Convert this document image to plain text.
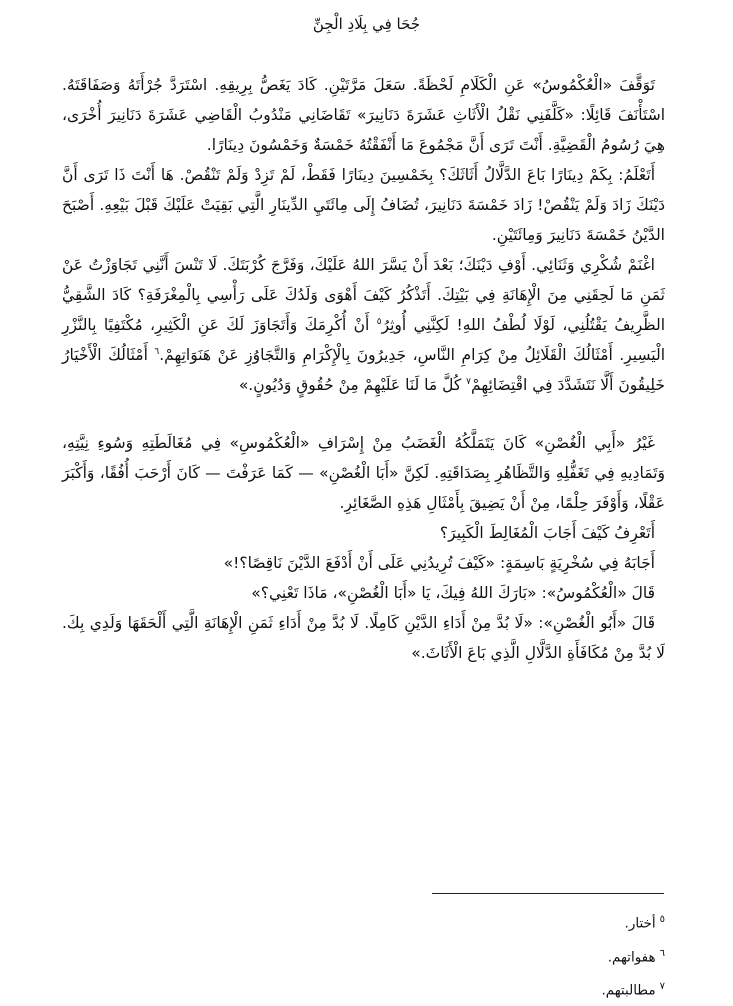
جُحَا فِي بِلَادِ الْجِنِّ

تَوَقَّفَ «الْعُكْمُوسُ» عَنِ الْكَلَامِ لَحْظَةً. سَعَلَ مَرَّتَيْنِ. كَادَ يَغَصُّ بِرِيقِهِ. اسْتَرَدَّ جُرْأَتَهُ وَصَفَاقَتَهُ. اسْتَأْنَفَ قَائِلًا: «كَلَّفَنِي نَقْلُ الْأَثَاثِ عَشَرَةَ دَنَانِيرَ» تَقَاضَانِي مَنْدُوبُ الْقَاضِي عَشَرَةَ دَنَانِيرَ أُخْرَى، هِيَ رُسُومُ الْقَضِيَّةِ. أَنْتَ تَرَى أَنَّ مَجْمُوعَ مَا أَنْفَقْتُهُ خَمْسَةٌ وَخَمْسُونَ دِينَارًا.

أَتَعْلَمُ: بِكَمْ دِينَارًا بَاعَ الدَّلَّالُ أَثَاثَكَ؟ بِخَمْسِينَ دِينَارًا فَقَطْ، لَمْ تَزِدْ وَلَمْ تَنْقُصْ. هَا أَنْتَ ذَا تَرَى أَنَّ دَيْنَكَ زَادَ وَلَمْ يَنْقُصْ! زَادَ خَمْسَةَ دَنَانِيرَ، تُضَافُ إِلَى مِائَتَيِ الدِّينَارِ الَّتِي بَقِيَتْ عَلَيْكَ قَبْلَ بَيْعِهِ. أَصْبَحَ الدَّيْنُ خَمْسَةَ دَنَانِيرَ وَمِائَتَيْنِ.

اغْنَمْ شُكْرِي وَثَنَائِي. أَوْفِ دَيْنَكَ؛ بَعْدَ أَنْ يَسَّرَ اللهُ عَلَيْكَ، وَفَرَّجَ كُرْبَتَكَ. لَا تَنْسَ أَنَّنِي تَجَاوَزْتُ عَنْ ثَمَنِ مَا لَحِقَنِي مِنَ الْإِهَانَةِ فِي بَيْتِكَ. أَتَذْكُرُ كَيْفَ أَهْوَى وَلَدُكَ عَلَى رَأْسِي بِالْمِغْرَفَةِ؟ كَادَ الشَّقِيُّ الظَّرِيفُ يَقْتُلُنِي، لَوْلَا لُطْفُ اللهِ! لَكِنَّنِي أُوثِرُ$^٥$ أَنْ أُكْرِمَكَ وَأَتَجَاوَزَ لَكَ عَنِ الْكَثِيرِ، مُكْتَفِيًا بِالنَّزْرِ الْيَسِيرِ. أَمْثَالُكَ الْقَلَائِلُ مِنْ كِرَامِ النَّاسِ، جَدِيرُونَ بِالْإِكْرَامِ وَالتَّجَاوُزِ عَنْ هَنَوَاتِهِمْ.$^٦$ أَمْثَالُكَ الْأَخْيَارُ خَلِيقُونَ أَلَّا نَتَشَدَّدَ فِي اقْتِضَائِهِمْ$^٧$ كُلَّ مَا لَنَا عَلَيْهِمْ مِنْ حُقُوقٍ وَدُيُونٍ.»

غَيْرُ «أَبِي الْغُصْنِ» كَانَ يَتَمَلَّكُهُ الْغَضَبُ مِنْ إِسْرَافِ «الْعُكْمُوسِ» فِي مُغَالَطَتِهِ وَسُوءِ نِيَّتِهِ، وَتَمَادِيهِ فِي تَغَفُّلِهِ وَالتَّظَاهُرِ بِصَدَاقَتِهِ. لَكِنَّ «أَبَا الْغُصْنِ» — كَمَا عَرَفْتَ — كَانَ أَرْحَبَ أُفُقًا، وَأَكْبَرَ عَقْلًا، وَأَوْفَرَ حِلْمًا، مِنْ أَنْ يَضِيقَ بِأَمْثَالِ هَذِهِ الصَّغَائِرِ.

أَتَعْرِفُ كَيْفَ أَجَابَ الْمُغَالِطَ الْكَبِيرَ؟

أَجَابَهُ فِي سُخْرِيَةٍ بَاسِمَةٍ: «كَيْفَ تُرِيدُنِي عَلَى أَنْ أَدْفَعَ الدَّيْنَ نَاقِصًا؟!»

قَالَ «الْعُكْمُوسُ»: «بَارَكَ اللهُ فِيكَ، يَا «أَبَا الْغُصْنِ»، مَاذَا تَعْنِي؟»

قَالَ «أَبُو الْغُصْنِ»: «لَا بُدَّ مِنْ أَدَاءِ الدَّيْنِ كَامِلًا. لَا بُدَّ مِنْ أَدَاءِ ثَمَنِ الْإِهَانَةِ الَّتِي أَلْحَقَهَا وَلَدِي بِكَ. لَا بُدَّ مِنْ مُكَافَأَةِ الدَّلَّالِ الَّذِي بَاعَ الْأَثَاثَ.»

$^٥$أختار.
$^٦$هفواتهم.
$^٧$مطالبتهم.
